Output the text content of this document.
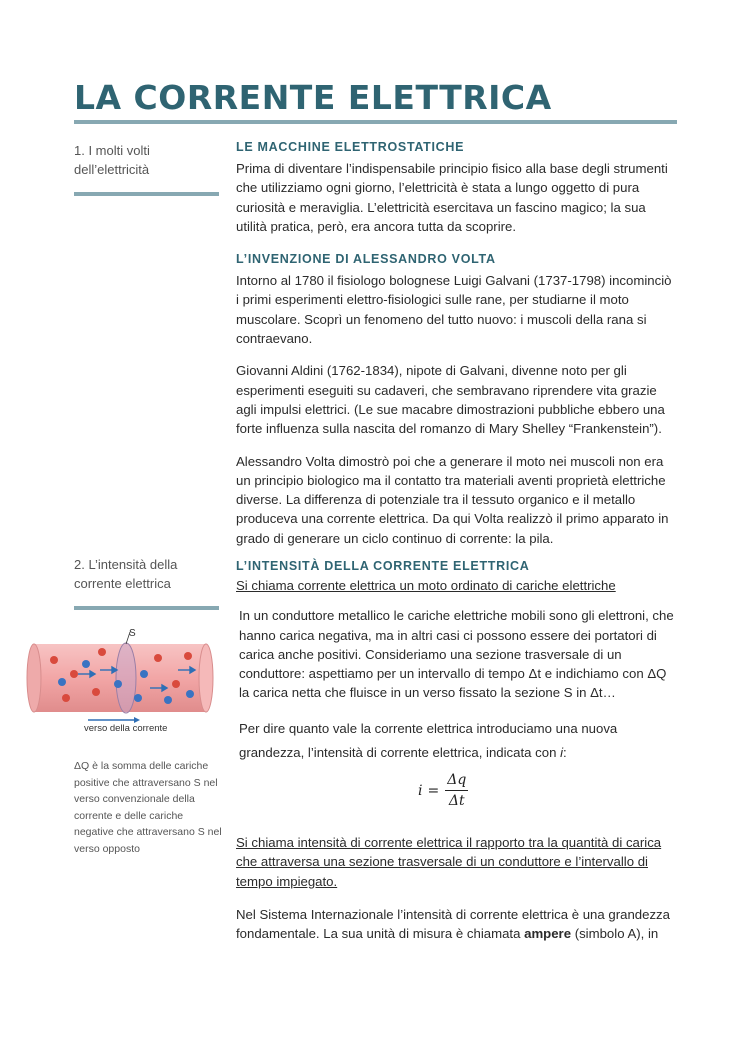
LA CORRENTE ELETTRICA

1. I molti volti dell’elettricità

2. L’intensità della corrente elettrica

S
verso della corrente

ΔQ è la somma delle cariche positive che attraversano S nel verso convenzionale della corrente e delle cariche negative che attraversano S nel verso opposto

LE MACCHINE ELETTROSTATICHE

Prima di diventare l’indispensabile principio fisico alla base degli strumenti che utilizziamo ogni giorno, l’elettricità è stata a lungo oggetto di pura curiosità e meraviglia. L’elettricità esercitava un fascino magico; la sua utilità pratica, però, era ancora tutta da scoprire.

L’INVENZIONE DI ALESSANDRO VOLTA

Intorno al 1780 il fisiologo bolognese Luigi Galvani (1737-1798) incominciò i primi esperimenti elettro-fisiologici sulle rane, per studiarne il moto muscolare. Scoprì un fenomeno del tutto nuovo: i muscoli della rana si contraevano.

Giovanni Aldini (1762-1834), nipote di Galvani, divenne noto per gli esperimenti eseguiti su cadaveri, che sembravano riprendere vita grazie agli impulsi elettrici. (Le sue macabre dimostrazioni pubbliche ebbero una forte influenza sulla nascita del romanzo di Mary Shelley “Frankenstein”).

Alessandro Volta dimostrò poi che a generare il moto nei muscoli non era un principio biologico ma il contatto tra materiali aventi proprietà elettriche diverse. La differenza di potenziale tra il tessuto organico e il metallo produceva una corrente elettrica. Da qui Volta realizzò il primo apparato in grado di generare un ciclo continuo di corrente: la pila.

L’INTENSITÀ DELLA CORRENTE ELETTRICA

Si chiama corrente elettrica un moto ordinato di cariche elettriche

In un conduttore metallico le cariche elettriche mobili sono gli elettroni, che hanno carica negativa, ma in altri casi ci possono essere dei portatori di carica anche positivi. Consideriamo una sezione trasversale di un conduttore: aspettiamo per un intervallo di tempo Δt e indichiamo con ΔQ la carica netta che fluisce in un verso fissato la sezione S in Δt…

Per dire quanto vale la corrente elettrica introduciamo una nuova grandezza, l’intensità di corrente elettrica, indicata con i:

$i = \frac{\Delta q}{\Delta t}$

Si chiama intensità di corrente elettrica il rapporto tra la quantità di carica che attraversa una sezione trasversale di un conduttore e l’intervallo di tempo impiegato.

Nel Sistema Internazionale l’intensità di corrente elettrica è una grandezza fondamentale. La sua unità di misura è chiamata ampere (simbolo A), in
